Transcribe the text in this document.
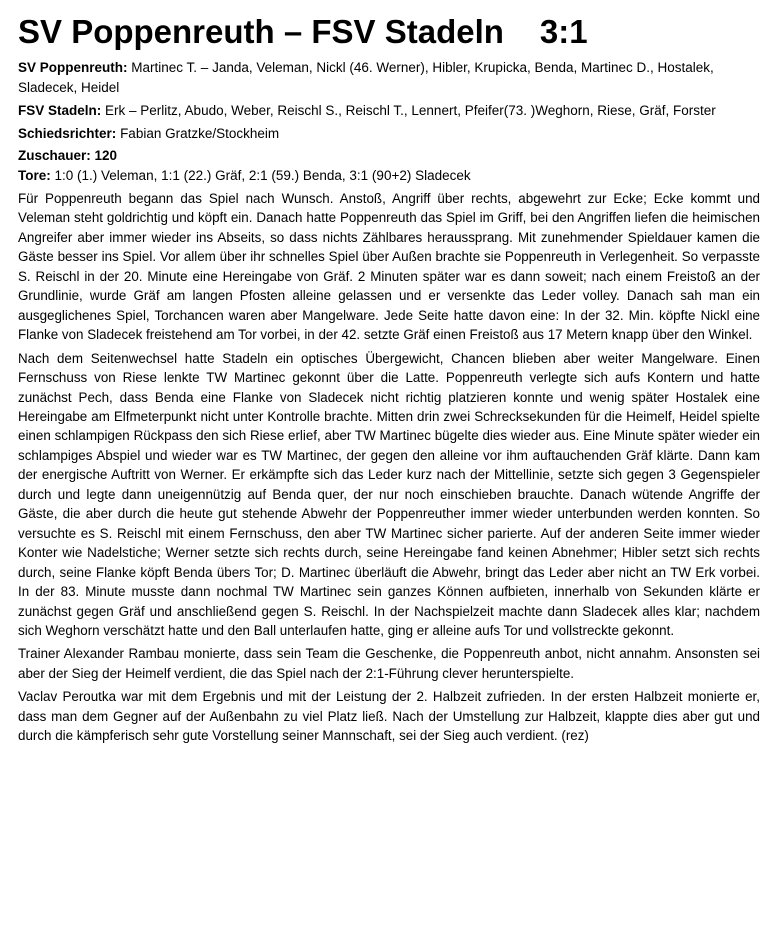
SV Poppenreuth – FSV Stadeln 3:1

SV Poppenreuth: Martinec T. – Janda, Veleman, Nickl (46. Werner), Hibler, Krupicka, Benda, Martinec D., Hostalek, Sladecek, Heidel

FSV Stadeln: Erk – Perlitz, Abudo, Weber, Reischl S., Reischl T., Lennert, Pfeifer(73. )Weghorn, Riese, Gräf, Forster

Schiedsrichter: Fabian Gratzke/Stockheim

Zuschauer: 120

Tore: 1:0 (1.) Veleman, 1:1 (22.) Gräf, 2:1 (59.) Benda, 3:1 (90+2) Sladecek

Für Poppenreuth begann das Spiel nach Wunsch. Anstoß, Angriff über rechts, abgewehrt zur Ecke; Ecke kommt und Veleman steht goldrichtig und köpft ein. Danach hatte Poppenreuth das Spiel im Griff, bei den Angriffen liefen die heimischen Angreifer aber immer wieder ins Abseits, so dass nichts Zählbares heraussprang. Mit zunehmender Spieldauer kamen die Gäste besser ins Spiel. Vor allem über ihr schnelles Spiel über Außen brachte sie Poppenreuth in Verlegenheit. So verpasste S. Reischl in der 20. Minute eine Hereingabe von Gräf. 2 Minuten später war es dann soweit; nach einem Freistoß an der Grundlinie, wurde Gräf am langen Pfosten alleine gelassen und er versenkte das Leder volley. Danach sah man ein ausgeglichenes Spiel, Torchancen waren aber Mangelware. Jede Seite hatte davon eine: In der 32. Min. köpfte Nickl eine Flanke von Sladecek freistehend am Tor vorbei, in der 42. setzte Gräf einen Freistoß aus 17 Metern knapp über den Winkel.

Nach dem Seitenwechsel hatte Stadeln ein optisches Übergewicht, Chancen blieben aber weiter Mangelware. Einen Fernschuss von Riese lenkte TW Martinec gekonnt über die Latte. Poppenreuth verlegte sich aufs Kontern und hatte zunächst Pech, dass Benda eine Flanke von Sladecek nicht richtig platzieren konnte und wenig später Hostalek eine Hereingabe am Elfmeterpunkt nicht unter Kontrolle brachte. Mitten drin zwei Schrecksekunden für die Heimelf, Heidel spielte einen schlampigen Rückpass den sich Riese erlief, aber TW Martinec bügelte dies wieder aus. Eine Minute später wieder ein schlampiges Abspiel und wieder war es TW Martinec, der gegen den alleine vor ihm auftauchenden Gräf klärte. Dann kam der energische Auftritt von Werner. Er erkämpfte sich das Leder kurz nach der Mittellinie, setzte sich gegen 3 Gegenspieler durch und legte dann uneigennützig auf Benda quer, der nur noch einschieben brauchte. Danach wütende Angriffe der Gäste, die aber durch die heute gut stehende Abwehr der Poppenreuther immer wieder unterbunden werden konnten. So versuchte es S. Reischl mit einem Fernschuss, den aber TW Martinec sicher parierte. Auf der anderen Seite immer wieder Konter wie Nadelstiche; Werner setzte sich rechts durch, seine Hereingabe fand keinen Abnehmer; Hibler setzt sich rechts durch, seine Flanke köpft Benda übers Tor; D. Martinec überläuft die Abwehr, bringt das Leder aber nicht an TW Erk vorbei. In der 83. Minute musste dann nochmal TW Martinec sein ganzes Können aufbieten, innerhalb von Sekunden klärte er zunächst gegen Gräf und anschließend gegen S. Reischl. In der Nachspielzeit machte dann Sladecek alles klar; nachdem sich Weghorn verschätzt hatte und den Ball unterlaufen hatte, ging er alleine aufs Tor und vollstreckte gekonnt.

Trainer Alexander Rambau monierte, dass sein Team die Geschenke, die Poppenreuth anbot, nicht annahm. Ansonsten sei aber der Sieg der Heimelf verdient, die das Spiel nach der 2:1-Führung clever herunterspielte.

Vaclav Peroutka war mit dem Ergebnis und mit der Leistung der 2. Halbzeit zufrieden. In der ersten Halbzeit monierte er, dass man dem Gegner auf der Außenbahn zu viel Platz ließ. Nach der Umstellung zur Halbzeit, klappte dies aber gut und durch die kämpferisch sehr gute Vorstellung seiner Mannschaft, sei der Sieg auch verdient. (rez)
